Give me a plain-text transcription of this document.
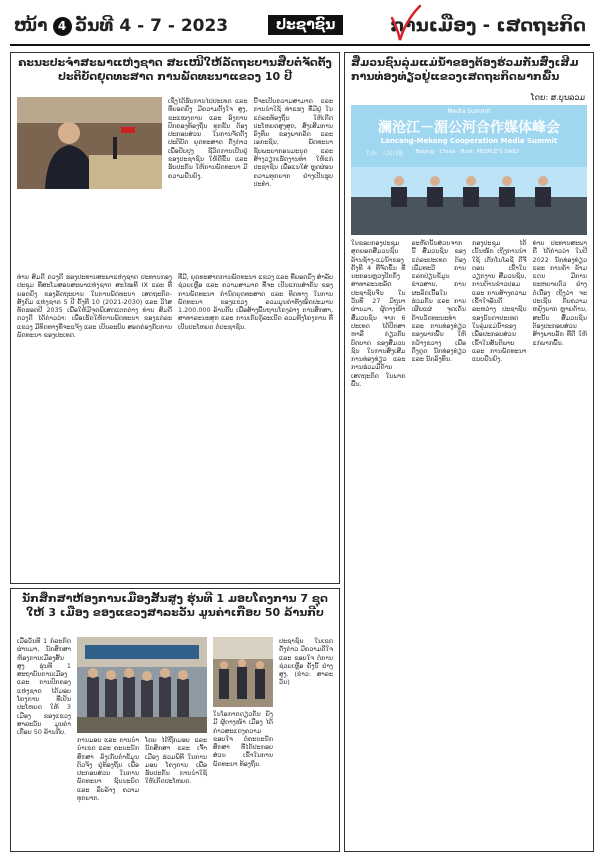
ໜ້າ 4 ວັນທີ 4 - 7 - 2023	ປະຊາຊົນ	ການເມືອງ - ເສດຖະກິດ
ຄະນະປະຈຳສະພາແຫ່ງຊາດ ສະເໜີໃຫ້ລັດຖະບານສືບຕໍ່ຈັດຕັ້ງປະຕິບັດຍຸດທະສາດ ການພັດທະນາແຂວງ 10 ປີ
ເຊິ່ງໄດ້ຮັບການໄປປະເທດ ແລະ ທີ່ຍອດຍິ່ງ ມີຄວາມຕັ້ງໃຈ ສູງ, ຂະແໜງການ ແລະ ອົງການປົກຄອງທ້ອງຖິ່ນ ທຸກຂັ້ນ ຕ້ອງປະກອບສ່ວນ ໃນການຈັດຕັ້ງປະຕິບັດ ຍຸດທະສາດ ດັ່ງກ່າວ ເພື່ອປັບປຸງ ຊີວິດການເປັນຢູ່ ຂອງປະຊາຊົນ ໃຫ້ດີຂຶ້ນ ແລະ ຮັບປະກັນ ໃຫ້ການພັດທະນາ ມີຄວາມຍືນຍົງ.
ນີ້ຈະເປັນຄວາມສາມາດ ແລະ ການນຳໃຊ້ ທ່າແຮງ ທີ່ມີຢູ່ ໃນແຕ່ລະທ້ອງຖິ່ນ ໃຫ້ເກີດປະໂຫຍດສູງສຸດ, ສົ່ງເສີມການລົງທຶນ ຂອງພາກລັດ ແລະ ເອກະຊົນ, ພັດທະນາຊັບພະຍາກອນມະນຸດ ແລະ ສ້າງວຽກເຮັດງານທຳ ໃຫ້ແກ່ປະຊາຊົນ ເພື່ອແນໃສ່ ຫຼຸດຜ່ອນຄວາມທຸກຍາກ ຢ່າງເປັນຮູບປະທຳ.
ທ່ານ ສົມດີ ດວງດີ ຮອງປະທານສະພາແຫ່ງຊາດ ປະທານກອງປະຊຸມ ທີ່ສະໂມສອນສະພາແຫ່ງຊາດ ສະໄໝທີ IX ແລະ ທີ່ຍອດຍິ່ງ ຂອງລັດຖະບານ ໃນການພັດທະນາ ເສດຖະກິດ-ສັງຄົມ ແຫ່ງຊາດ 5 ປີ ຄັ້ງທີ 10 (2021-2030) ແລະ ວິໄສທັດຮອດປີ 2035 ເພື່ອໃຫ້ມີຈຸດພິເສດແຕກຕ່າງ ທ່ານ ສົມດີ ດວງດີ ໄດ້ກ່າວວ່າ: ເພື່ອເຮັດໃຫ້ການພັດທະນາ ຂອງແຕ່ລະແຂວງ ມີທິດທາງທີ່ຈະແຈ້ງ ແລະ ເປັນລະບົບ ສອດຄ່ອງກັບການພັດທະນາ ຂອງປະເທດ.
ທີ່ມີ, ຍຸດທະສາດການພັດທະນາ ແຂວງ ແລະ ທີ່ຍອດຍິ່ງ ສຳລັບຊ່ວຍເຫຼືອ ແລະ ຄວາມສາມາດ ທີ່ຈະ ເປັນແກນສຳຄັນ ຂອງການພັດທະນາ ກຳນົດຍຸດທະສາດ ແລະ ທິດທາງ ໃນການພັດທະນາ ຂອງແຂວງ ລວມມູນຄ່າທັງໝົດປະມານ 1.200.000 ລ້ານກີບ ເພື່ອສ້າງພື້ນຖານໂຄງລ່າງ ການສຶກສາ, ສາທາລະນະສຸກ ແລະ ການເກັບກູ້ລະເບີດ ລວມທັງໂຄງການ ທີ່ເປັນປະໂຫຍດ ຕໍ່ປະຊາຊົນ.
ນັກສຶກສາຫ້ອງການເມືອງສັ້ນສູງ ຮຸ່ນທີ 1 ມອບໂຄງການ 7 ຊຸດໃຫ້ 3 ເມືອງ ຂອງແຂວງສາລະວັນ ມູນຄ່າເກືອບ 50 ລ້ານກີບ
ເມື່ອວັນທີ 1 ກໍລະກົດ ຜ່ານມາ, ນັກສຶກສາຫ້ອງການເມືອງສັ້ນສູງ ຮຸ່ນທີ 1 ສະຖາບັນການເມືອງ ແລະ ການປົກຄອງແຫ່ງຊາດ ໄດ້ມອບໂຄງການ ທີ່ເປັນປະໂຫຍດ ໃຫ້ 3 ເມືອງ ຂອງແຂວງສາລະວັນ ມູນຄ່າເກືອບ 50 ລ້ານກີບ.
ການມອບ ແລະ ການນຳນຳເຂດ ແລະ ຄະນະນັກສຶກສາ ລົງເກັບກຳຂໍ້ມູນ ຕົວຈິງ ຢູ່ທ້ອງຖິ່ນ ເພື່ອປະກອບສ່ວນ ໃນການພັດທະນາ ຊົນນະບົດ ແລະ ລຶບລ້າງ ຄວາມທຸກຍາກ.
ໂດຍ ໄດ້ຖືກມອບ ແລະ ນັກສຶກສາ ແລະ ເຈົ້າເມືອງ ຮ່ວມພິທີ ໃນການມອບ ໂຄງການ ເພື່ອຮັບປະກັນ ການນຳໃຊ້ ໃຫ້ເກີດປະໂຫຍດ.
ໃນໂອກາດດຽວກັນ ຍັງມີ ຜູ້ຕາງໜ້າ ເມືອງ ໄດ້ກ່າວສະແດງຄວາມຂອບໃຈ ຕໍ່ຄະນະນັກສຶກສາ ທີ່ໄດ້ປະກອບສ່ວນ ເຂົ້າໃນການພັດທະນາ ທ້ອງຖິ່ນ.
ປະຊາຊົນ ໃນເຂດ ດັ່ງກ່າວ ມີຄວາມດີໃຈ ແລະ ຂອບໃຈ ຕໍ່ການຊ່ວຍເຫຼືອ ຄັ້ງນີ້ ຢ່າງສູງ. (ຂ່າວ: ສາລະວັນ)
ສື່ມວນຊົນລຸ່ມແມ່ນ້ຳຂອງຕ້ອງຮ່ວມກັນສົ່ງເສີມ ການທ່ອງທ່ຽວຢູ່ແຂວງເສດຖະກິດພາກພື້ນ
ໂດຍ: ສ.ບຸນລວມ
Media Summit
澜沧江－湄公河合作媒体峰会
Lancang-Mekong Cooperation Media Summit
主办：人民日报 Beijing · China · Host: PEOPLE'S DAILY
ໃນຂອບກອງປະຊຸມສຸດຍອດສື່ມວນຊົນລ້ານຊ້າງ-ແມ່ນ້ຳຂອງ ຄັ້ງທີ 4 ທີ່ຈັດຂຶ້ນ ທີ່ນະຄອນຫຼວງປັກກິ່ງ ສາທາລະນະລັດ ປະຊາຊົນຈີນ ໃນວັນທີ 27 ມິຖຸນາ ຜ່ານມາ, ຜູ້ຕາງໜ້າ ສື່ມວນຊົນ ຈາກ 6 ປະເທດ ໄດ້ປຶກສາຫາລື ກ່ຽວກັບ ບົດບາດ ຂອງສື່ມວນຊົນ ໃນການສົ່ງເສີມການທ່ອງທ່ຽວ ແລະ ການຮ່ວມມືດ້ານເສດຖະກິດ ໃນພາກພື້ນ.
ລະຫັດນັ້ນສ່ວນຈາກນີ້ ສື່ມວນຊົນ ຂອງແຕ່ລະປະເທດ ຕ້ອງເພີ່ມທະວີ ການແລກປ່ຽນຂໍ້ມູນຂ່າວສານ, ການຜະລິດເນື້ອໃນ ຮ່ວມກັນ ແລະ ການເຜີຍແຜ່ ຈຸດເດັ່ນ ດ້ານວັດທະນະທຳ ແລະ ການທ່ອງທ່ຽວ ຂອງພາກພື້ນ ໃຫ້ກວ້າງຂວາງ ເພື່ອດຶງດູດ ນັກທ່ອງທ່ຽວ ແລະ ນັກລົງທຶນ.
ກອງປະຊຸມ ໄດ້ເນັ້ນໜັກ ເຖິງການນຳໃຊ້ ເຕັກໂນໂລຊີ ດີຈີຕອນ ເຂົ້າໃນວຽກງານ ສື່ມວນຊົນ, ການຕ້ານຂ່າວປອມ ແລະ ການສ້າງຄວາມເຂົ້າໃຈອັນດີ ລະຫວ່າງ ປະຊາຊົນ ຂອງບັນດາປະເທດ ໃນລຸ່ມແມ່ນ້ຳຂອງ ເພື່ອປະກອບສ່ວນ ເຂົ້າໃນສັນຕິພາບ ແລະ ການພັດທະນາ ແບບຍືນຍົງ.
ທ່ານ ປະທານສະພາ ຄື ໄດ້ກ່າວວ່າ ໃນປີ 2022 ນັກທ່ອງທ່ຽວ ແລະ ການຄ້າ ຂ້າມແດນ ມີການຂະຫຍາຍຕົວ ຢ່າງຕໍ່ເນື່ອງ ເຖິງວ່າ ຈະປະເຊີນ ກັບຄວາມຫຍຸ້ງຍາກ ຫຼາຍດ້ານ, ສະນັ້ນ ສື່ມວນຊົນ ຕ້ອງປະກອບສ່ວນ ສ້າງພາບລັກ ທີ່ດີ ໃຫ້ແກ່ພາກພື້ນ.
